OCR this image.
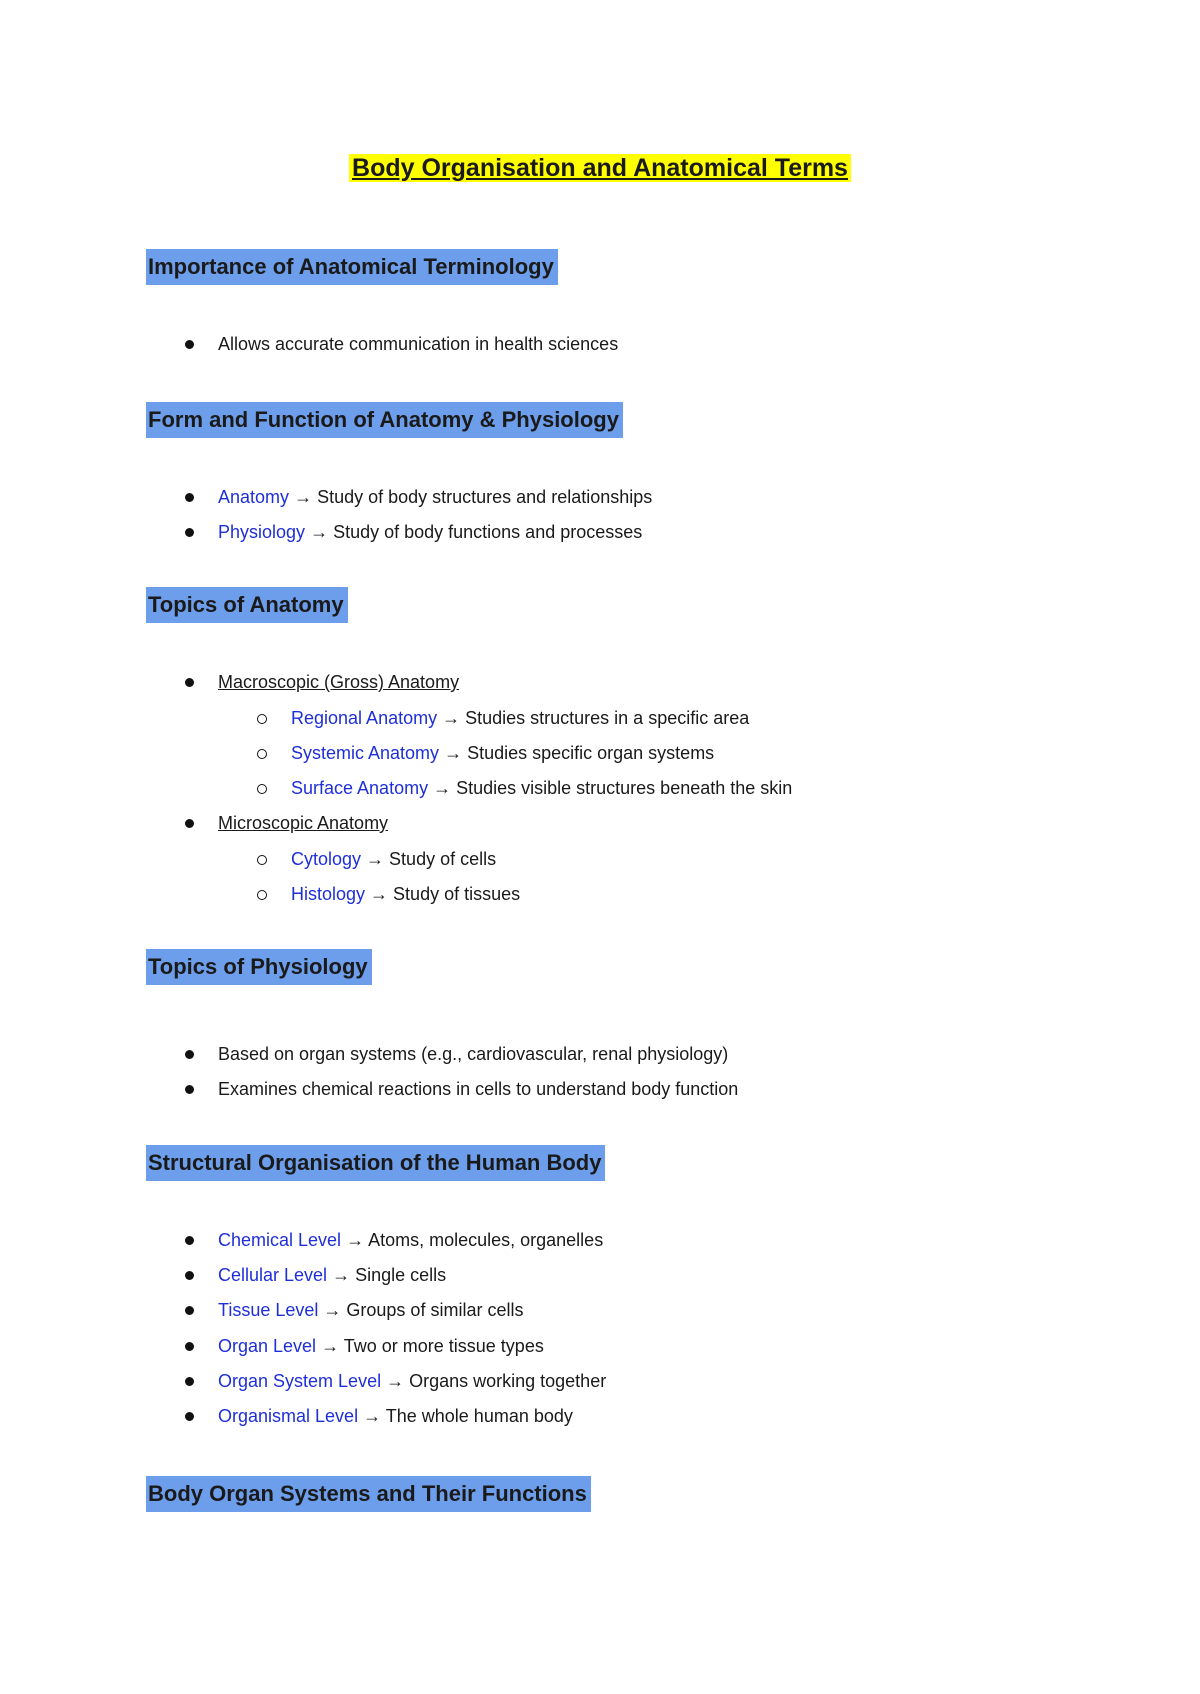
Body Organisation and Anatomical Terms
Importance of Anatomical Terminology
Allows accurate communication in health sciences
Form and Function of Anatomy & Physiology
Anatomy → Study of body structures and relationships
Physiology → Study of body functions and processes
Topics of Anatomy
Macroscopic (Gross) Anatomy
Regional Anatomy → Studies structures in a specific area
Systemic Anatomy → Studies specific organ systems
Surface Anatomy → Studies visible structures beneath the skin
Microscopic Anatomy
Cytology → Study of cells
Histology → Study of tissues
Topics of Physiology
Based on organ systems (e.g., cardiovascular, renal physiology)
Examines chemical reactions in cells to understand body function
Structural Organisation of the Human Body
Chemical Level → Atoms, molecules, organelles
Cellular Level → Single cells
Tissue Level → Groups of similar cells
Organ Level → Two or more tissue types
Organ System Level → Organs working together
Organismal Level → The whole human body
Body Organ Systems and Their Functions
